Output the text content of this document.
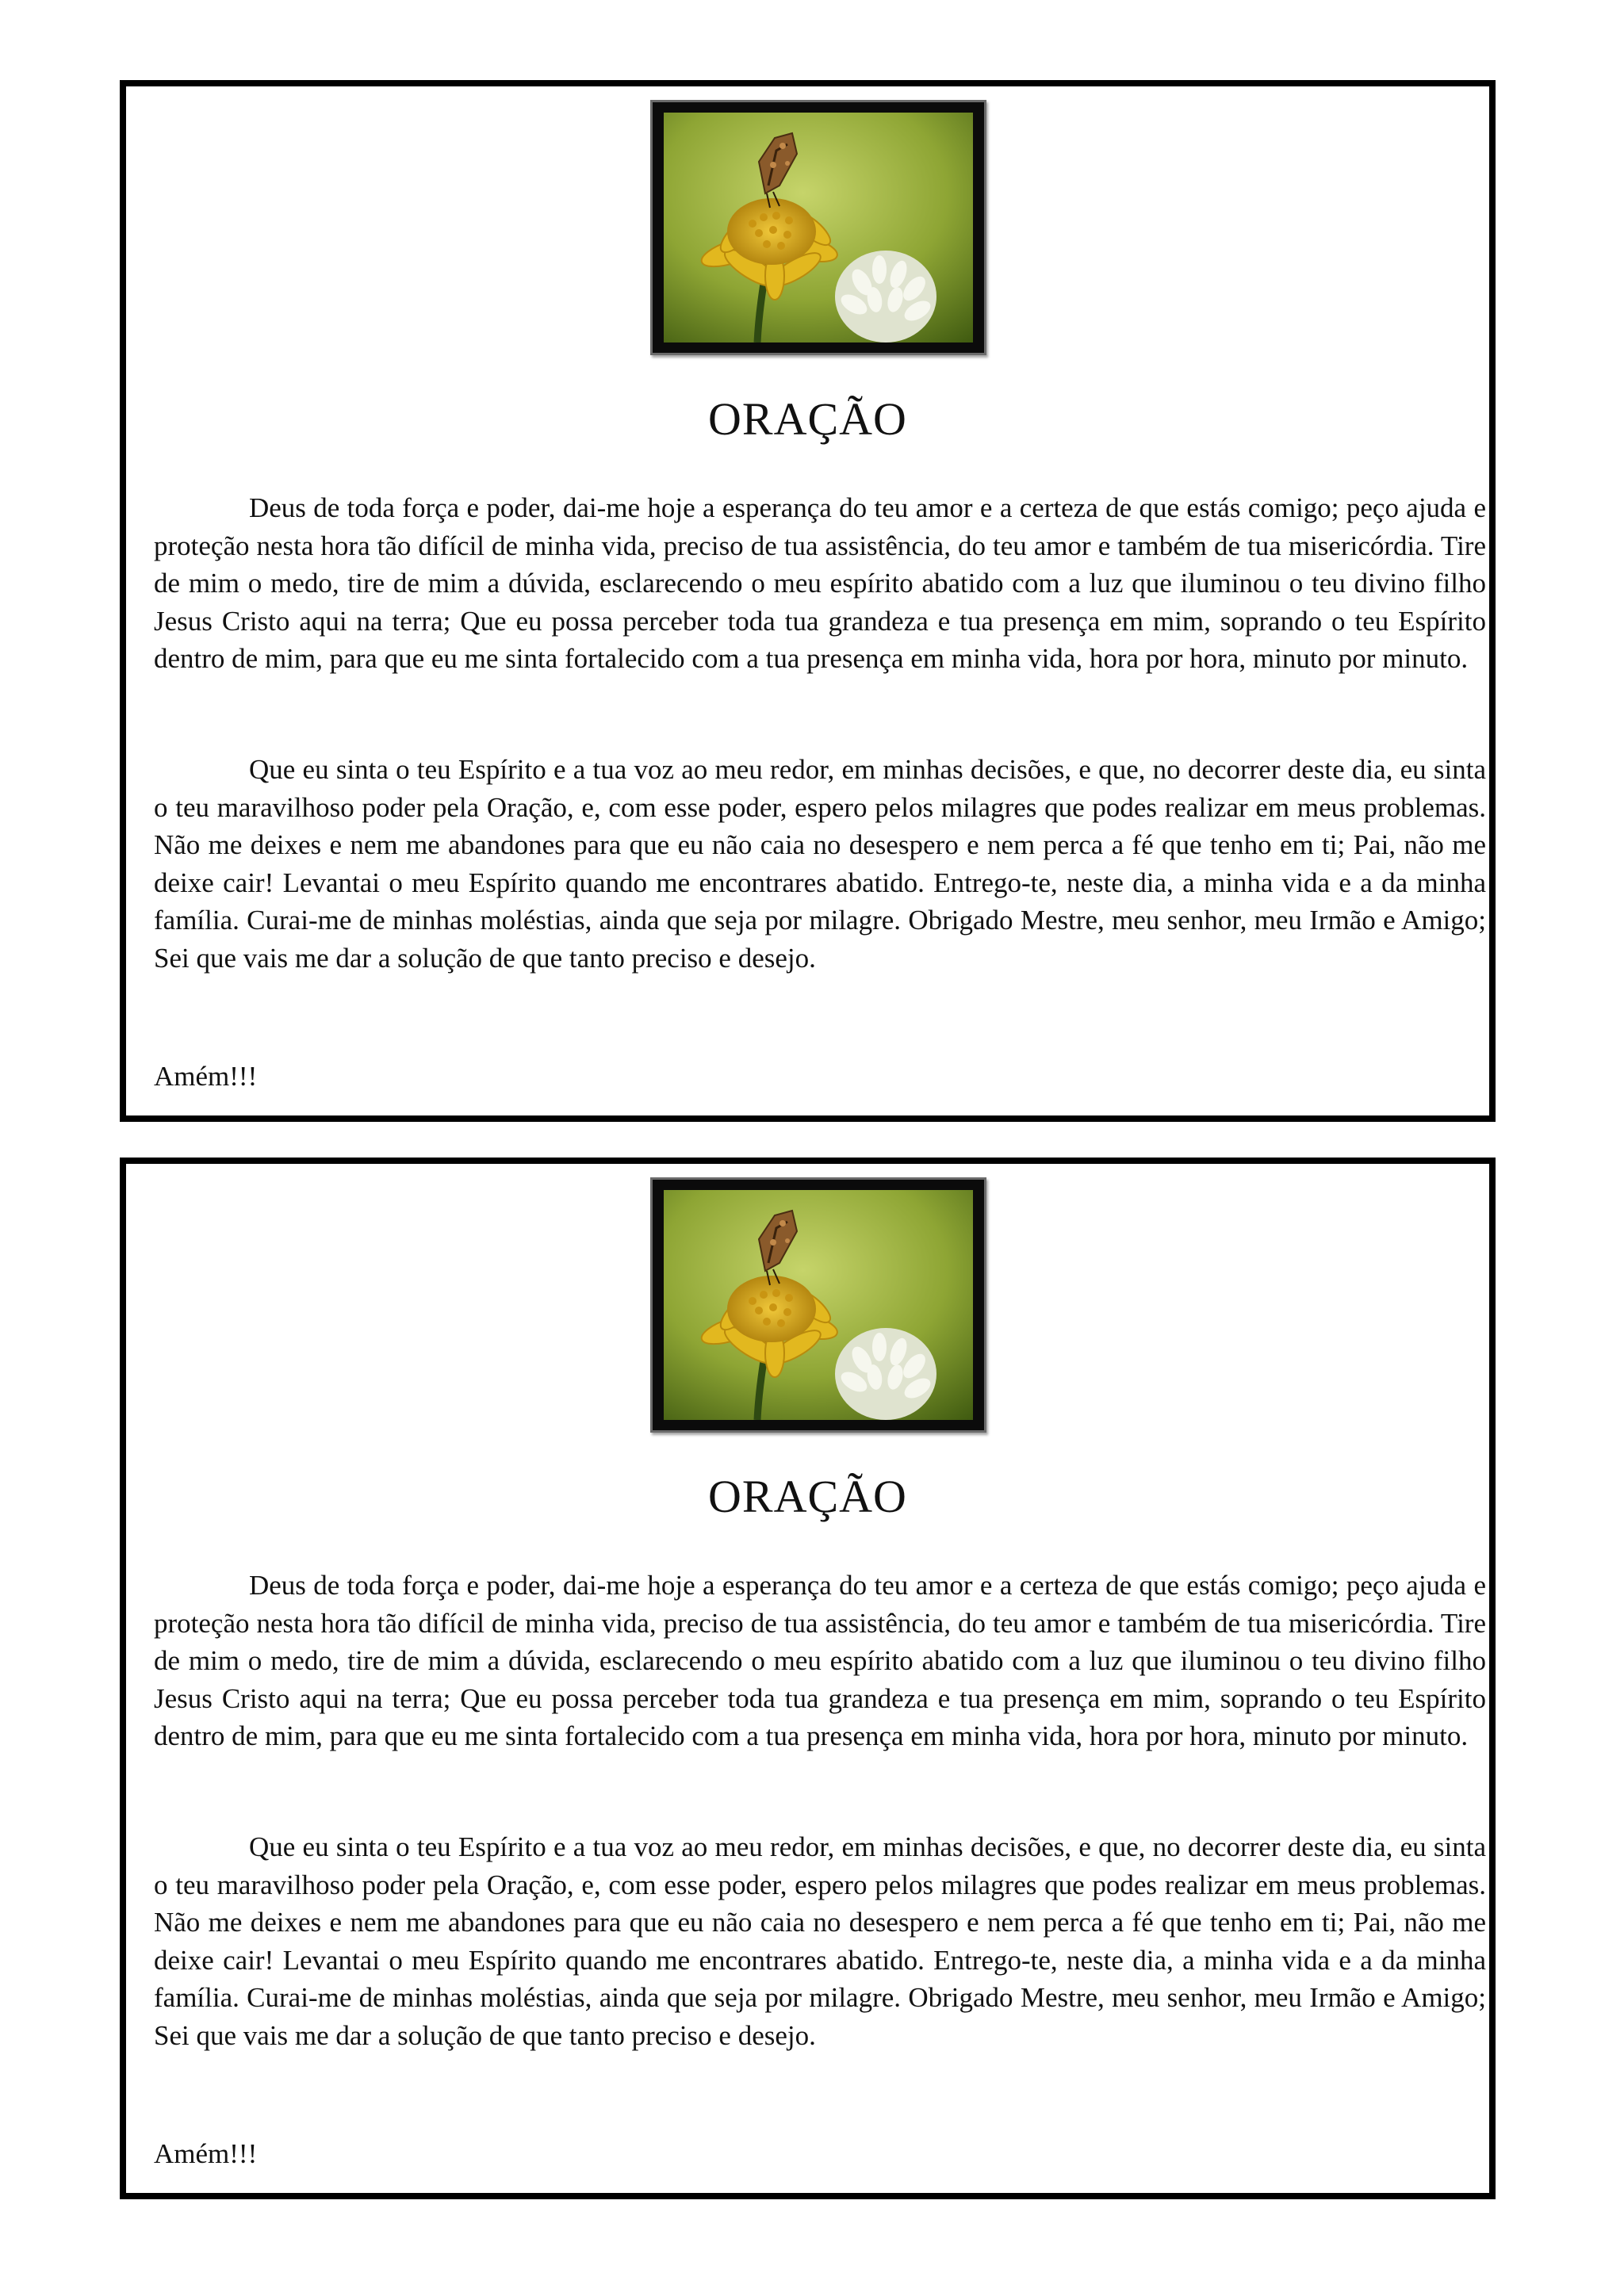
ORAÇÃO

Deus de toda força e poder, dai-me hoje a esperança do teu amor e a certeza de que estás comigo; peço ajuda e proteção nesta hora tão difícil de minha vida, preciso de tua assistência, do teu amor e também de tua misericórdia. Tire de mim o medo, tire de mim a dúvida, esclarecendo o meu espírito abatido com a luz que iluminou o teu divino filho Jesus Cristo aqui na terra; Que eu possa perceber toda tua grandeza e tua presença em mim, soprando o teu Espírito dentro de mim, para que eu me sinta fortalecido com a tua presença em minha vida, hora por hora, minuto por minuto.

Que eu sinta o teu Espírito e a tua voz ao meu redor, em minhas decisões, e que, no decorrer deste dia, eu sinta o teu maravilhoso poder pela Oração, e, com esse poder, espero pelos milagres que podes realizar em meus problemas. Não me deixes e nem me abandones para que eu não caia no desespero e nem perca a fé que tenho em ti; Pai, não me deixe cair! Levantai o meu Espírito quando me encontrares abatido. Entrego-te, neste dia, a minha vida e a da minha família. Curai-me de minhas moléstias, ainda que seja por milagre. Obrigado Mestre, meu senhor, meu Irmão e Amigo; Sei que vais me dar a solução de que tanto preciso e desejo.

Amém!!!

ORAÇÃO

Deus de toda força e poder, dai-me hoje a esperança do teu amor e a certeza de que estás comigo; peço ajuda e proteção nesta hora tão difícil de minha vida, preciso de tua assistência, do teu amor e também de tua misericórdia. Tire de mim o medo, tire de mim a dúvida, esclarecendo o meu espírito abatido com a luz que iluminou o teu divino filho Jesus Cristo aqui na terra; Que eu possa perceber toda tua grandeza e tua presença em mim, soprando o teu Espírito dentro de mim, para que eu me sinta fortalecido com a tua presença em minha vida, hora por hora, minuto por minuto.

Que eu sinta o teu Espírito e a tua voz ao meu redor, em minhas decisões, e que, no decorrer deste dia, eu sinta o teu maravilhoso poder pela Oração, e, com esse poder, espero pelos milagres que podes realizar em meus problemas. Não me deixes e nem me abandones para que eu não caia no desespero e nem perca a fé que tenho em ti; Pai, não me deixe cair! Levantai o meu Espírito quando me encontrares abatido. Entrego-te, neste dia, a minha vida e a da minha família. Curai-me de minhas moléstias, ainda que seja por milagre. Obrigado Mestre, meu senhor, meu Irmão e Amigo; Sei que vais me dar a solução de que tanto preciso e desejo.

Amém!!!
